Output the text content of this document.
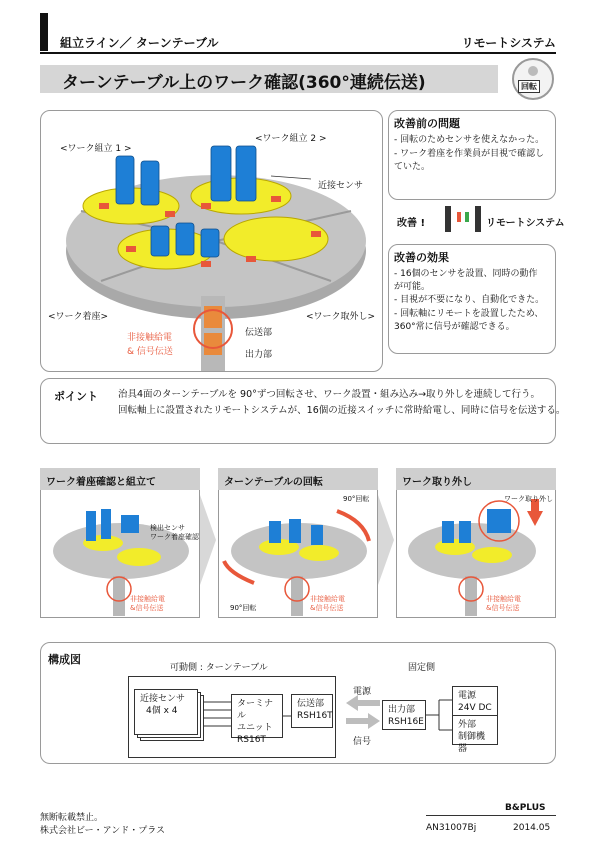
組立ライン／ ターンテーブル	リモートシステム
ターンテーブル上のワーク確認(360°連続伝送)	回転
<ワーク組立 1 >
<ワーク組立 2 >
近接センサ
<ワーク着座>	<ワーク取外し>
伝送部
出力部
非接触給電
& 信号伝送
改善前の問題
- 回転のためセンサを使えなかった。
- ワーク着座を作業員が目視で確認し
ていた。
改善 !	リモートシステム
改善の効果
- 16個のセンサを設置、同時の動作
が可能。
- 目視が不要になり、自動化できた。
- 回転軸にリモートを設置したため、
360°常に信号が確認できる。
ポイント 治具4面のターンテーブルを 90°ずつ回転させ、ワーク設置・組み込み→取り外しを連続して行う。
回転軸上に設置されたリモートシステムが、16個の近接スイッチに常時給電し、同時に信号を伝送する。
ワーク着座確認と組立て
検出センサ
ワーク着座確認
非接触給電
&信号伝送
ターンテーブルの回転
90°回転
90°回転
非接触給電
&信号伝送
ワーク取り外し
ワーク取り外し
非接触給電
&信号伝送
構成図
可動側 : ターンテーブル	固定側
近接センサ
4個 x 4
ターミナル
ユニット
RS16T
伝送部
RSH16T
電源
信号
出力部
RSH16E
電源
24V DC
外部
制御機器
無断転載禁止。
株式会社ビー・アンド・プラス
B&PLUS
AN31007Bj	2014.05
